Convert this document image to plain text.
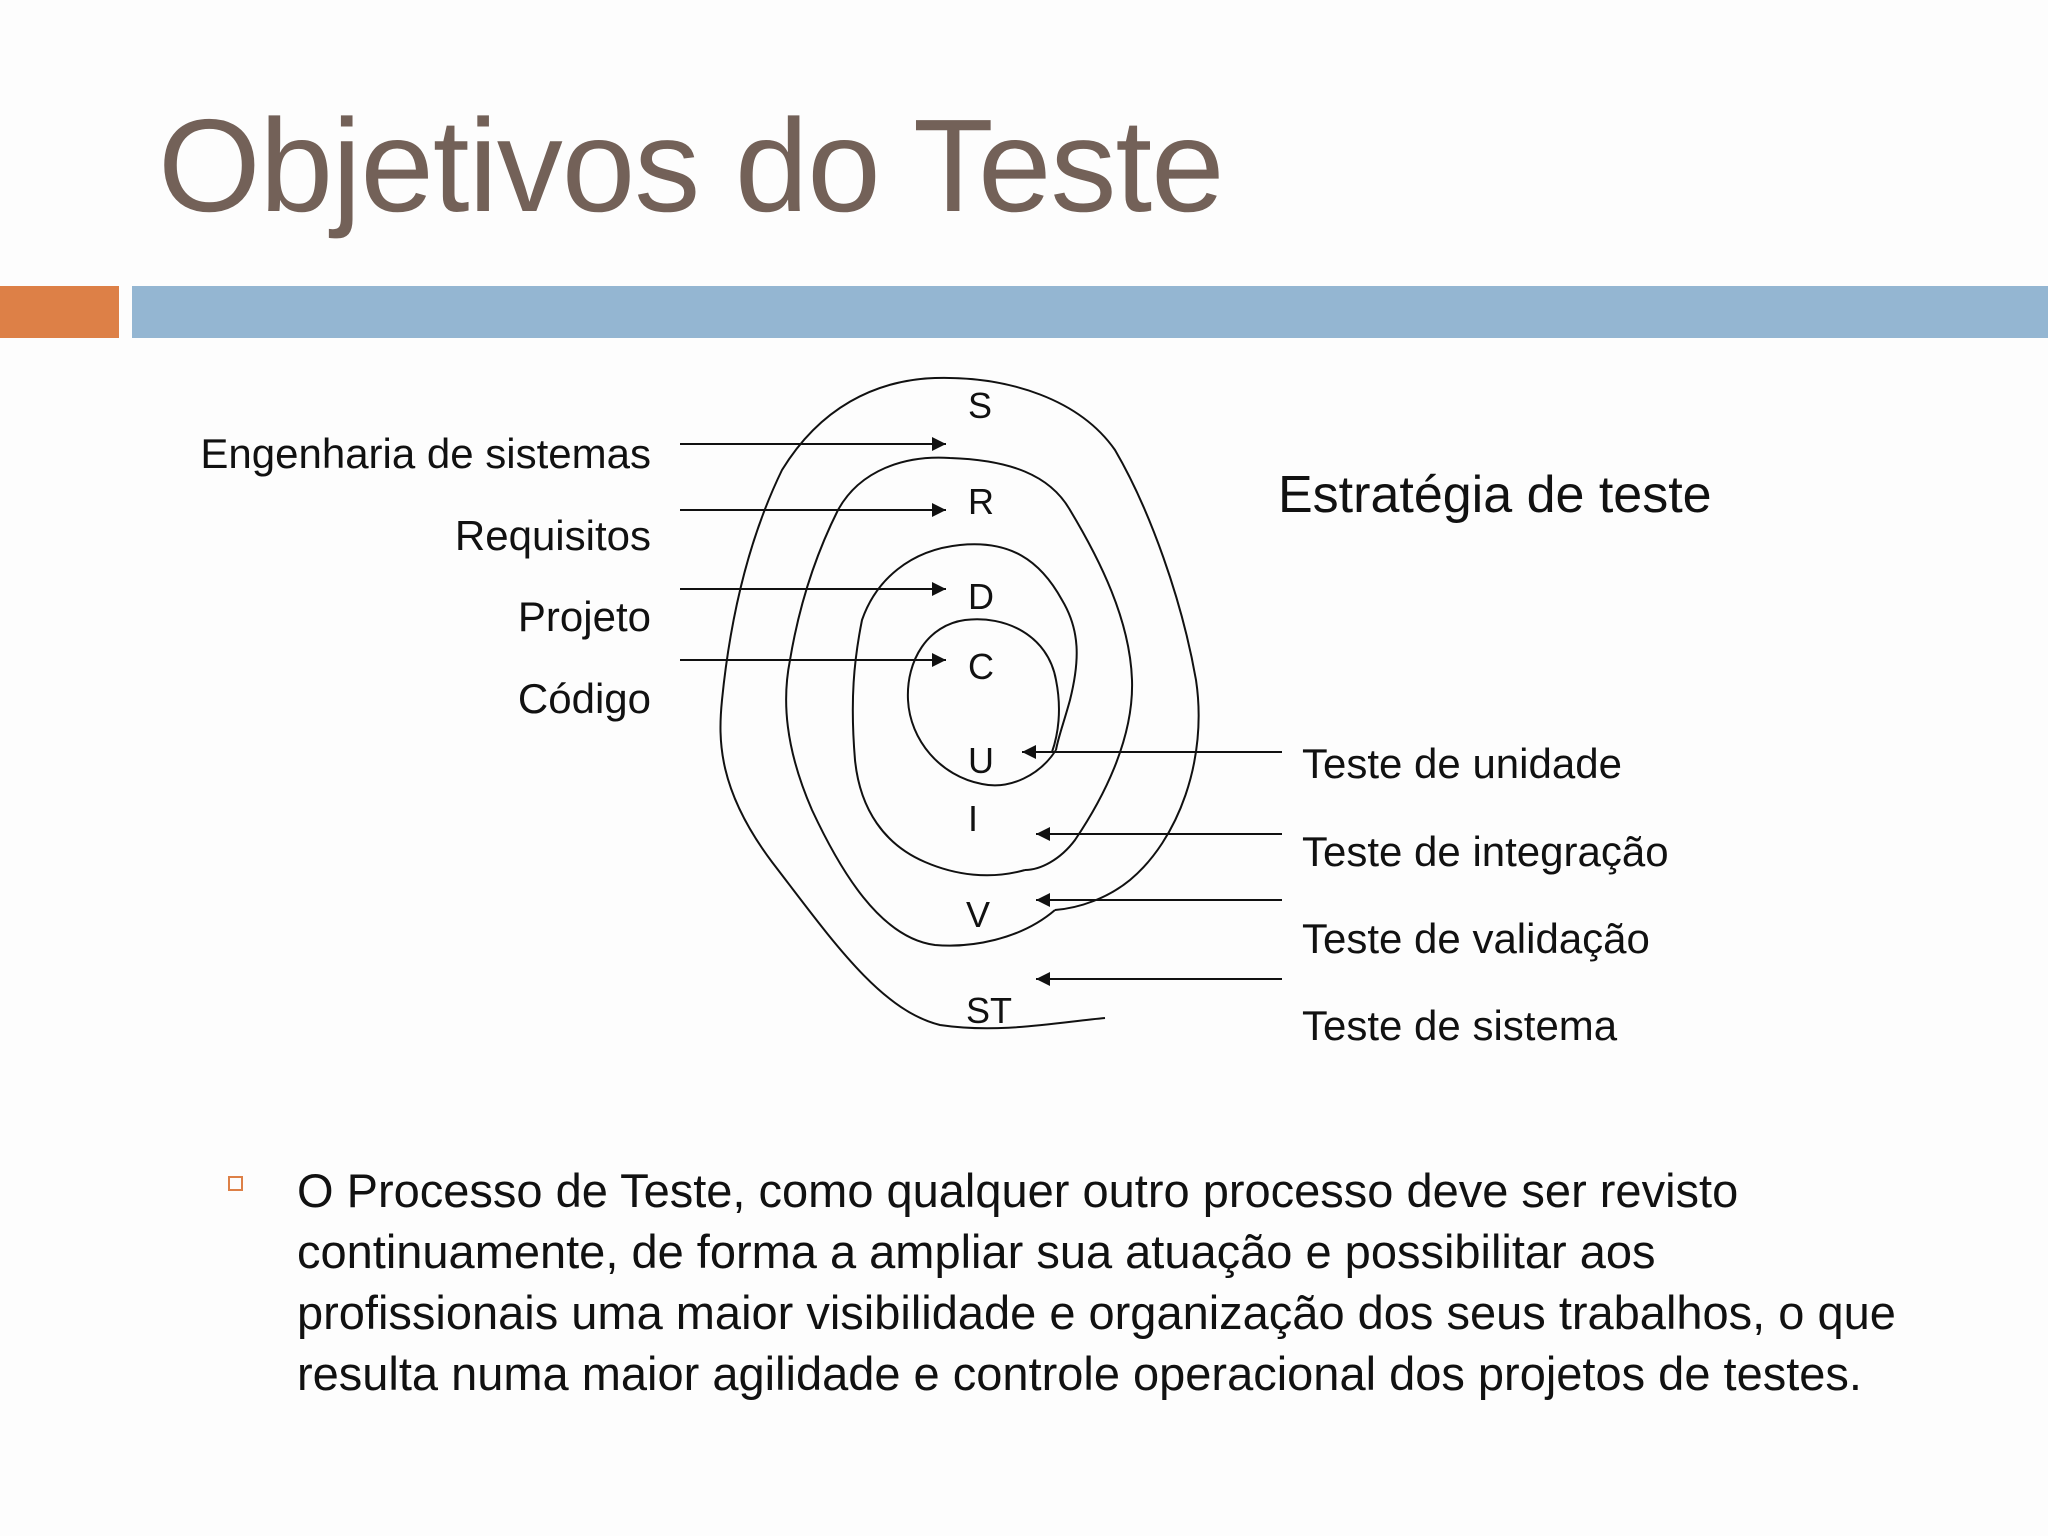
Objetivos do Teste
Engenharia de sistemas
Requisitos
Projeto
Código
S
R
D
C
U
I
V
ST
Estratégia de teste
Teste de unidade
Teste de integração
Teste de validação
Teste de sistema
O Processo de Teste, como qualquer outro processo deve ser revisto continuamente, de forma a ampliar sua atuação e possibilitar aos profissionais uma maior visibilidade e organização dos seus trabalhos, o que resulta numa maior agilidade e controle operacional dos projetos de testes.
